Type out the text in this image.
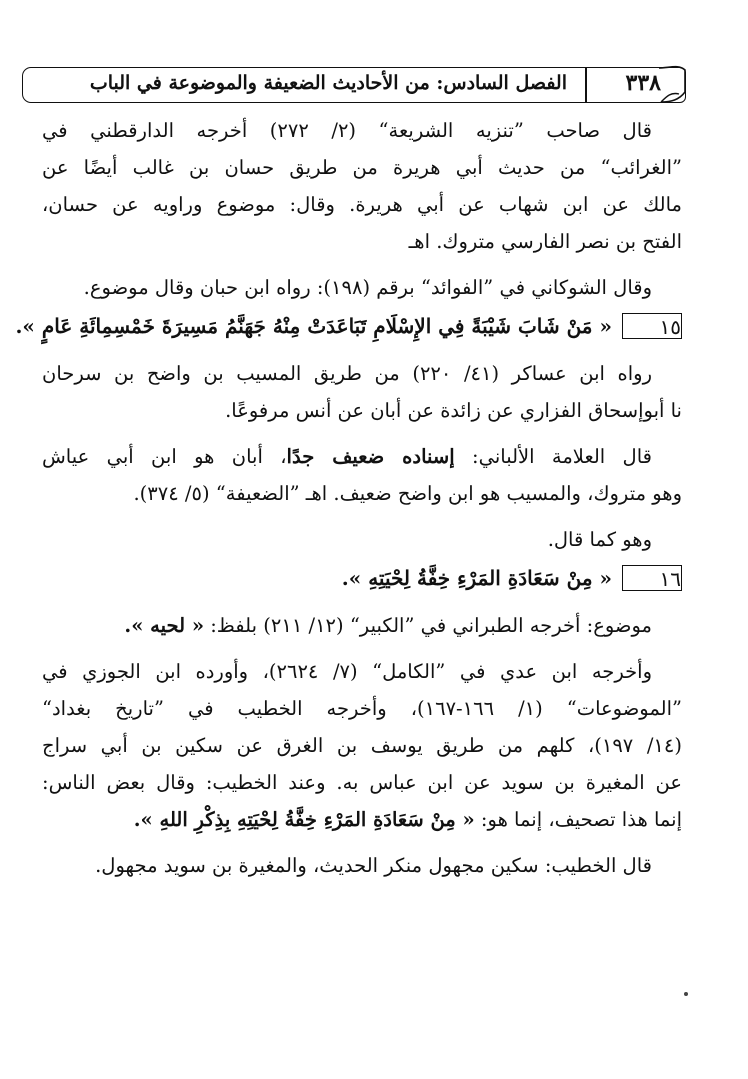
الفصل السادس: من الأحاديث الضعيفة والموضوعة في الباب	٣٣٨
قال صاحب ”تنزيه الشريعة“ (٢/ ٢٧٢) أخرجه الدارقطني في
”الغرائب“ من حديث أبي هريرة من طريق حسان بن غالب أيضًا عن
مالك عن ابن شهاب عن أبي هريرة. وقال: موضوع وراويه عن حسان،
الفتح بن نصر الفارسي متروك. اهـ
وقال الشوكاني في ”الفوائد“ برقم (١٩٨): رواه ابن حبان وقال موضوع.
١٥
« مَنْ شَابَ شَيْبَةً فِي الإِسْلَامِ تَبَاعَدَتْ مِنْهُ جَهَنَّمُ مَسِيرَةَ خَمْسِمِائَةِ عَامٍ ».
رواه ابن عساكر (٤١/ ٢٢٠) من طريق المسيب بن واضح بن سرحان
نا أبوإسحاق الفزاري عن زائدة عن أبان عن أنس مرفوعًا.
قال العلامة الألباني: إسناده ضعيف جدًا، أبان هو ابن أبي عياش
وهو متروك، والمسيب هو ابن واضح ضعيف. اهـ ”الضعيفة“ (٥/ ٣٧٤).
وهو كما قال.
١٦
« مِنْ سَعَادَةِ المَرْءِ خِفَّةُ لِحْيَتِهِ ».
موضوع: أخرجه الطبراني في ”الكبير“ (١٢/ ٢١١) بلفظ: « لحيه ».
وأخرجه ابن عدي في ”الكامل“ (٧/ ٢٦٢٤)، وأورده ابن الجوزي في
”الموضوعات“ (١/ ١٦٦-١٦٧)، وأخرجه الخطيب في ”تاريخ بغداد“
(١٤/ ١٩٧)، كلهم من طريق يوسف بن الغرق عن سكين بن أبي سراج
عن المغيرة بن سويد عن ابن عباس به. وعند الخطيب: وقال بعض الناس:
إنما هذا تصحيف، إنما هو: « مِنْ سَعَادَةِ المَرْءِ خِفَّةُ لِحْيَتِهِ بِذِكْرِ اللهِ ».
قال الخطيب: سكين مجهول منكر الحديث، والمغيرة بن سويد مجهول.
